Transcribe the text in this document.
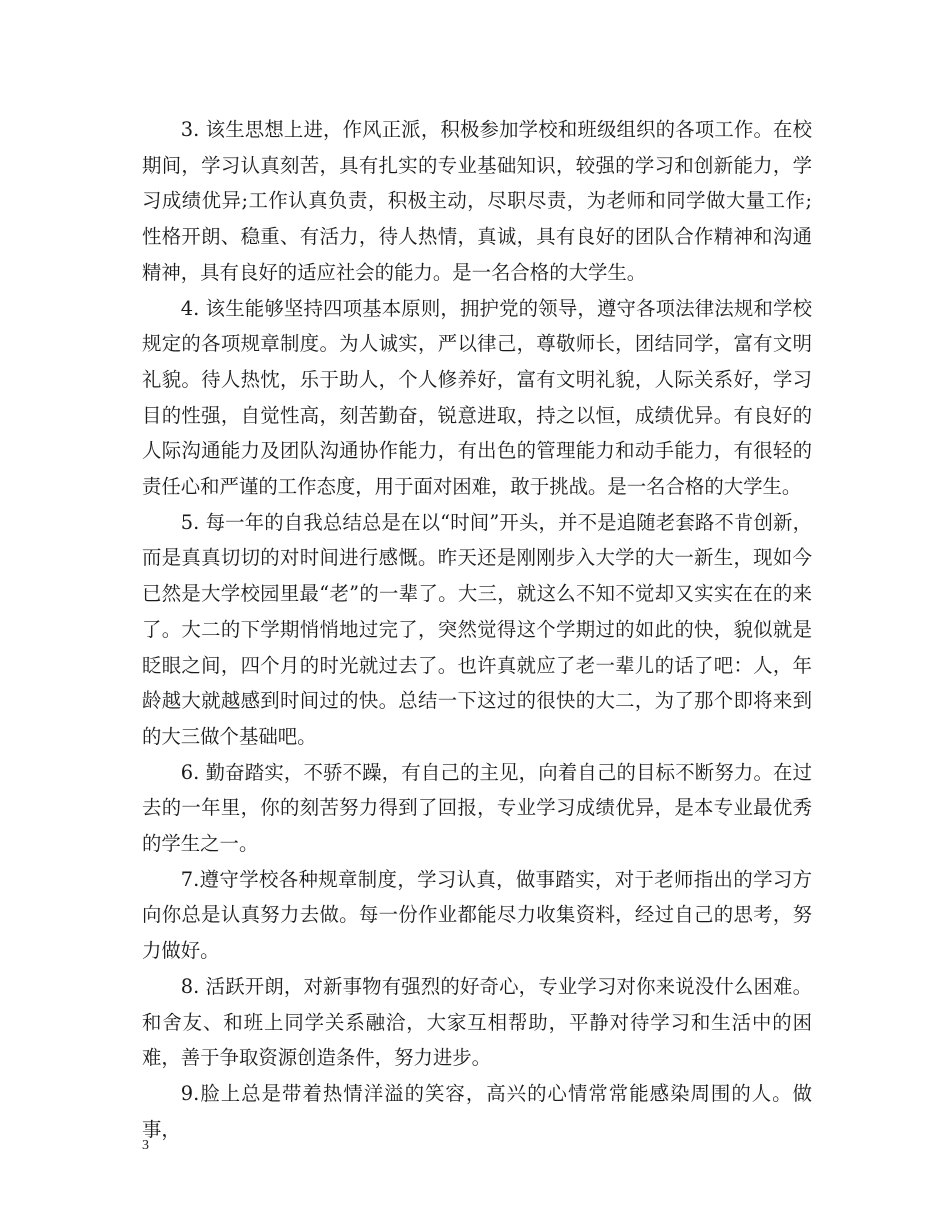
3. 该生思想上进，作风正派，积极参加学校和班级组织的各项工作。在校期间，学习认真刻苦，具有扎实的专业基础知识，较强的学习和创新能力，学习成绩优异;工作认真负责，积极主动，尽职尽责，为老师和同学做大量工作;性格开朗、稳重、有活力，待人热情，真诚，具有良好的团队合作精神和沟通精神，具有良好的适应社会的能力。是一名合格的大学生。

4. 该生能够坚持四项基本原则，拥护党的领导，遵守各项法律法规和学校规定的各项规章制度。为人诚实，严以律己，尊敬师长，团结同学，富有文明礼貌。待人热忱，乐于助人，个人修养好，富有文明礼貌，人际关系好，学习目的性强，自觉性高，刻苦勤奋，锐意进取，持之以恒，成绩优异。有良好的人际沟通能力及团队沟通协作能力，有出色的管理能力和动手能力，有很轻的责任心和严谨的工作态度，用于面对困难，敢于挑战。是一名合格的大学生。

5. 每一年的自我总结总是在以“时间”开头，并不是追随老套路不肯创新，而是真真切切的对时间进行感慨。昨天还是刚刚步入大学的大一新生，现如今已然是大学校园里最“老”的一辈了。大三，就这么不知不觉却又实实在在的来了。大二的下学期悄悄地过完了，突然觉得这个学期过的如此的快，貌似就是眨眼之间，四个月的时光就过去了。也许真就应了老一辈儿的话了吧：人，年龄越大就越感到时间过的快。总结一下这过的很快的大二，为了那个即将来到的大三做个基础吧。

6. 勤奋踏实，不骄不躁，有自己的主见，向着自己的目标不断努力。在过去的一年里，你的刻苦努力得到了回报，专业学习成绩优异，是本专业最优秀的学生之一。

7.遵守学校各种规章制度，学习认真，做事踏实，对于老师指出的学习方向你总是认真努力去做。每一份作业都能尽力收集资料，经过自己的思考，努力做好。

8. 活跃开朗，对新事物有强烈的好奇心，专业学习对你来说没什么困难。和舍友、和班上同学关系融洽，大家互相帮助，平静对待学习和生活中的困难，善于争取资源创造条件，努力进步。

9.脸上总是带着热情洋溢的笑容，高兴的心情常常能感染周围的人。做事，

3
